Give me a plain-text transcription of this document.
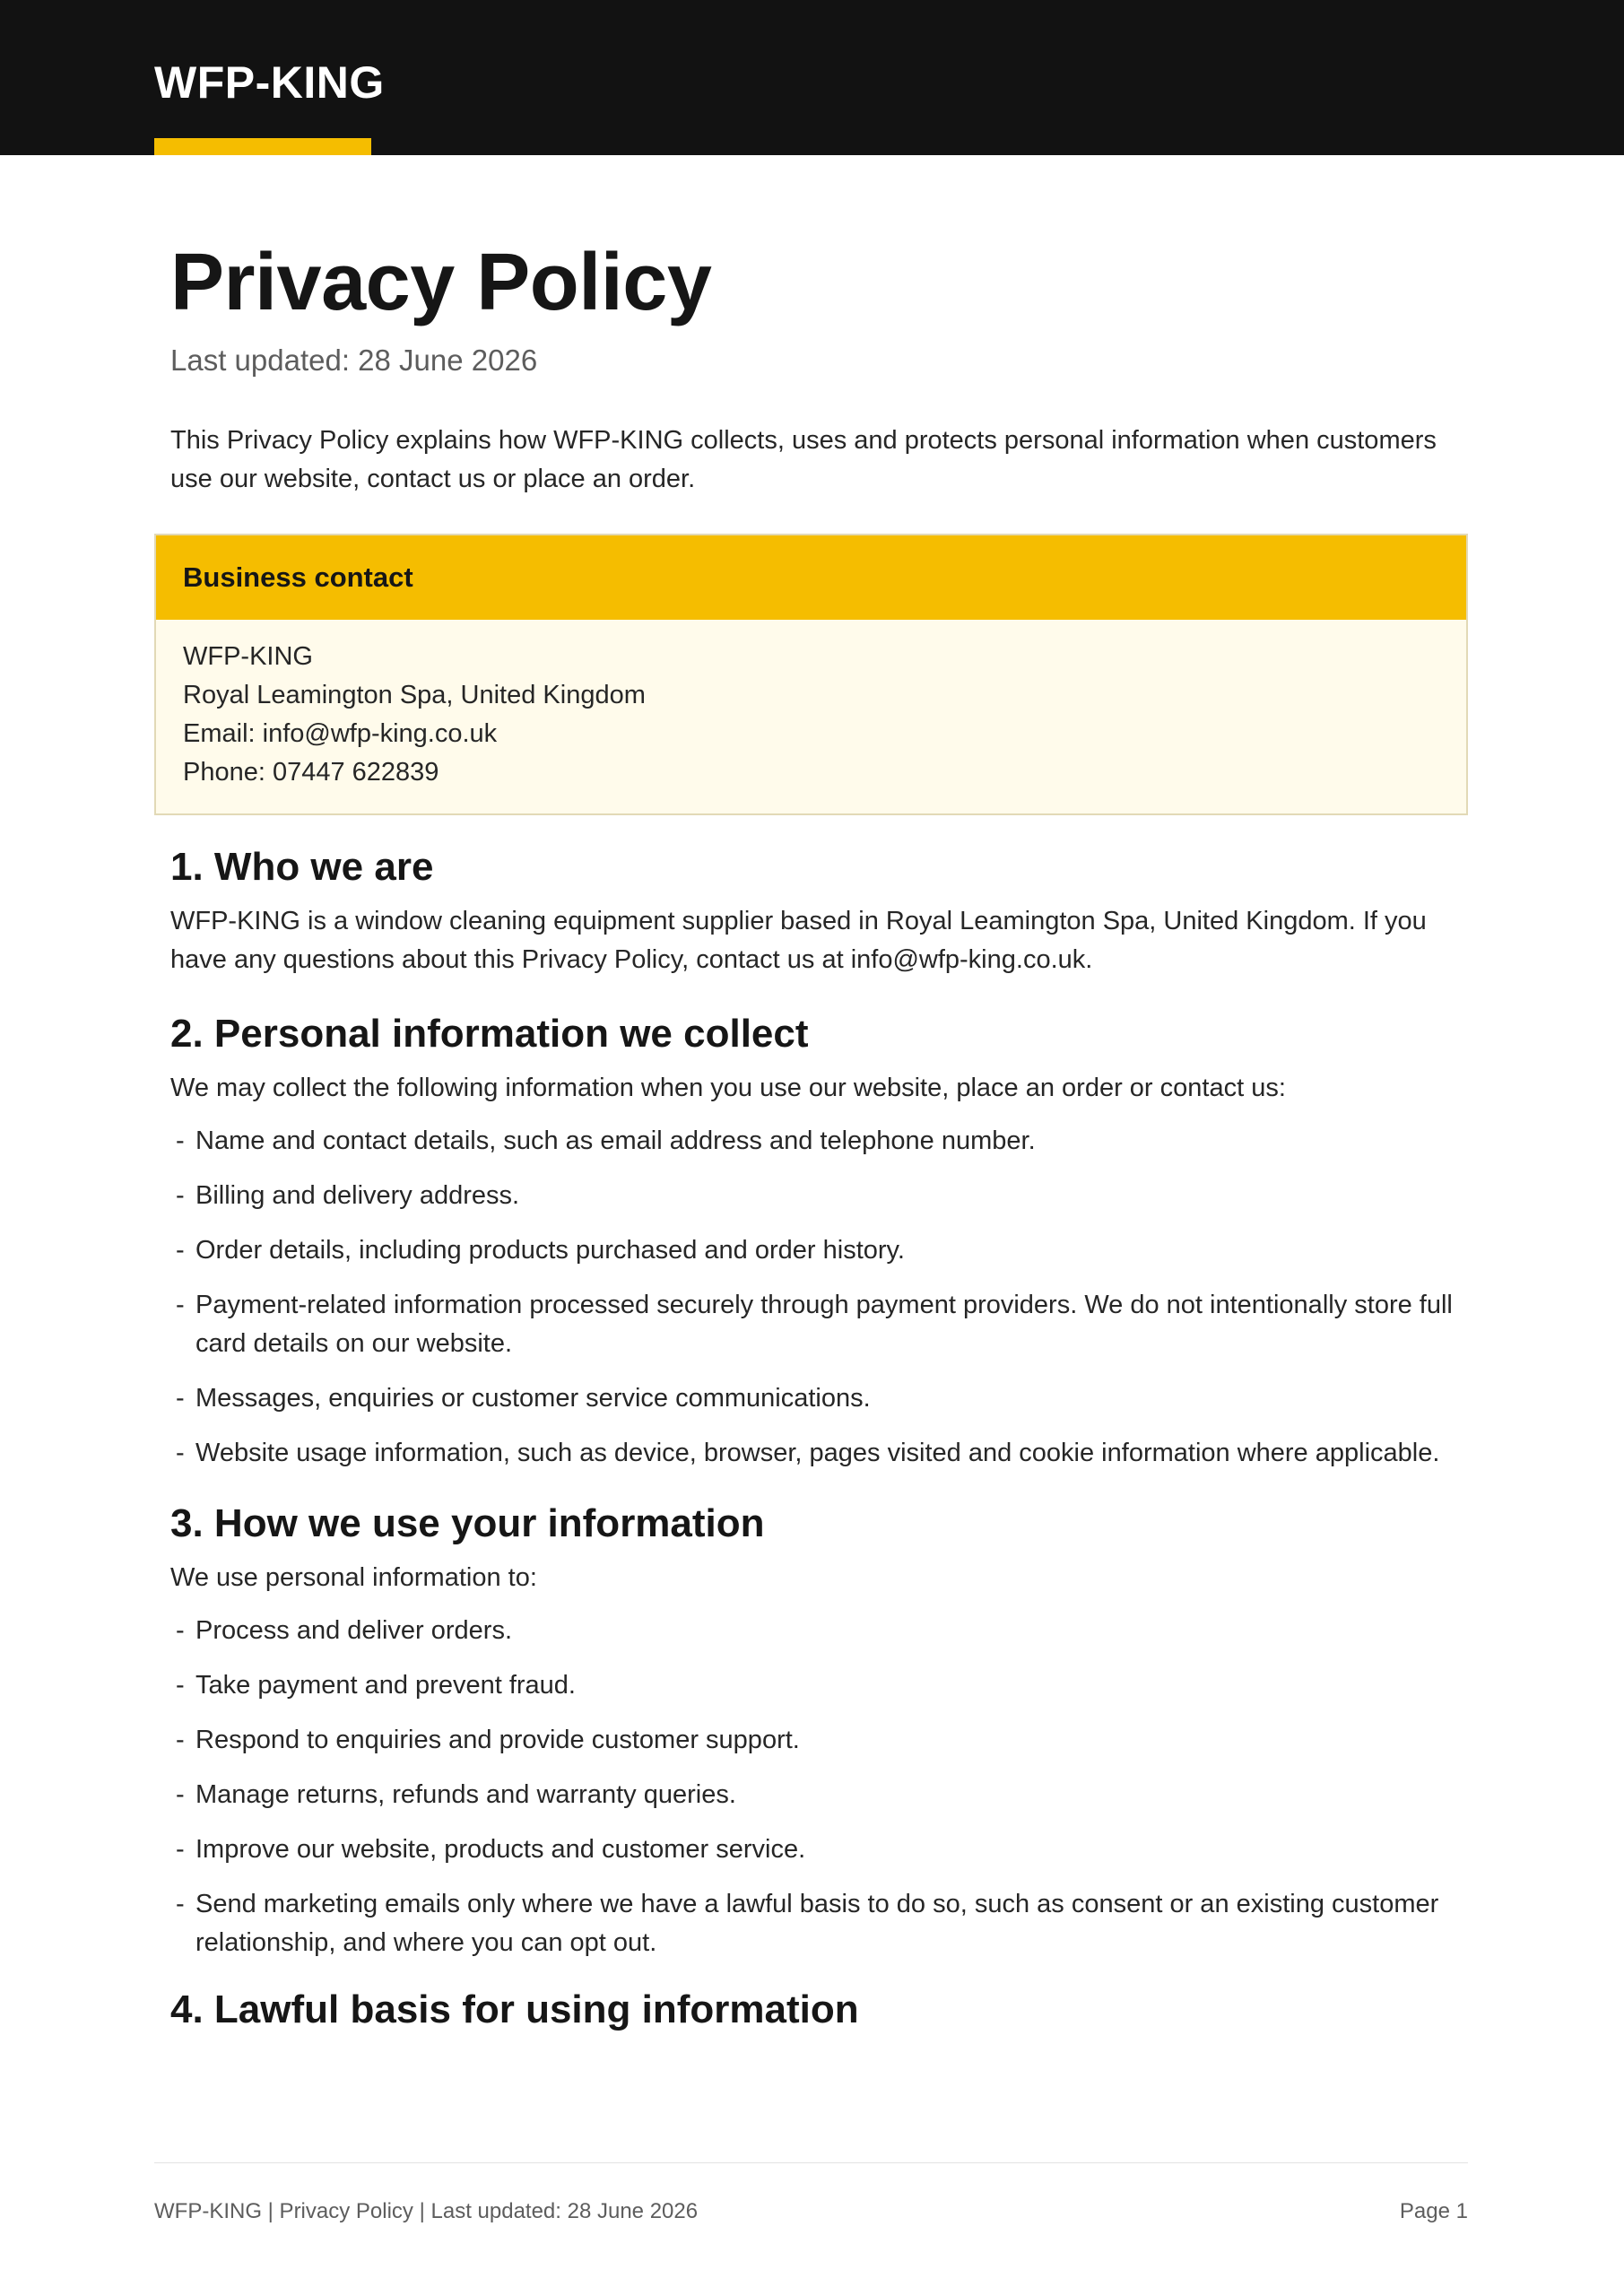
WFP-KING
Privacy Policy
Last updated: 28 June 2026

This Privacy Policy explains how WFP-KING collects, uses and protects personal information when customers use our website, contact us or place an order.

Business contact
WFP-KING
Royal Leamington Spa, United Kingdom
Email: info@wfp-king.co.uk
Phone: 07447 622839
1. Who we are
WFP-KING is a window cleaning equipment supplier based in Royal Leamington Spa, United Kingdom. If you have any questions about this Privacy Policy, contact us at info@wfp-king.co.uk.
2. Personal information we collect
We may collect the following information when you use our website, place an order or contact us:
- Name and contact details, such as email address and telephone number.
- Billing and delivery address.
- Order details, including products purchased and order history.
- Payment-related information processed securely through payment providers. We do not intentionally store full card details on our website.
- Messages, enquiries or customer service communications.
- Website usage information, such as device, browser, pages visited and cookie information where applicable.
3. How we use your information
We use personal information to:
- Process and deliver orders.
- Take payment and prevent fraud.
- Respond to enquiries and provide customer support.
- Manage returns, refunds and warranty queries.
- Improve our website, products and customer service.
- Send marketing emails only where we have a lawful basis to do so, such as consent or an existing customer relationship, and where you can opt out.
4. Lawful basis for using information
WFP-KING | Privacy Policy | Last updated: 28 June 2026	Page 1
